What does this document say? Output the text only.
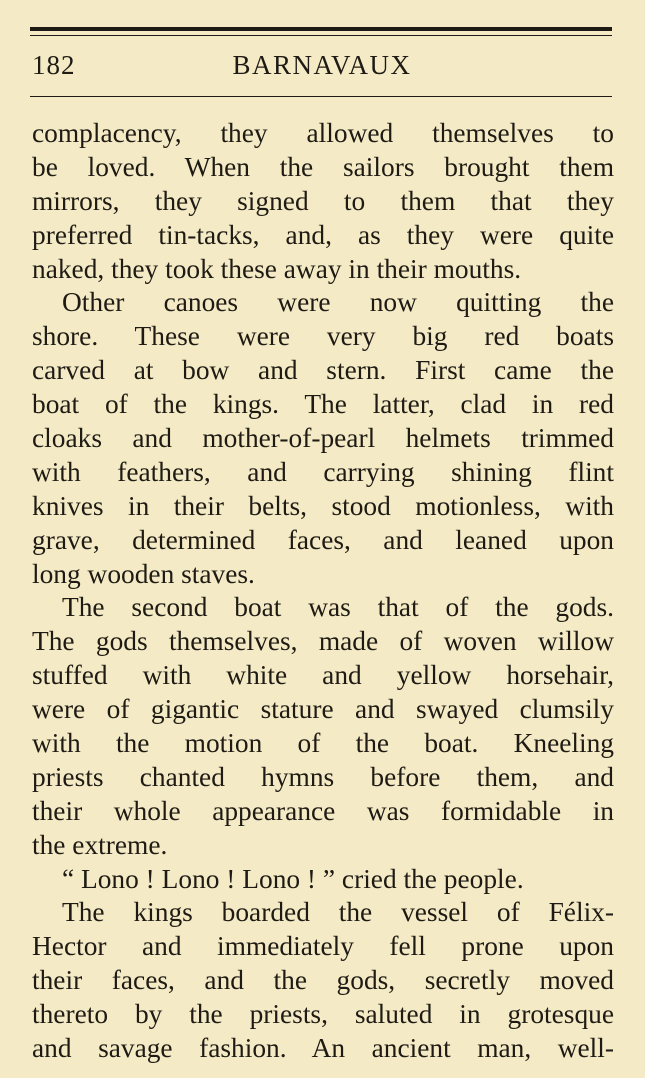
182	BARNAVAUX
complacency, they allowed themselves to
be loved. When the sailors brought them
mirrors, they signed to them that they
preferred tin-tacks, and, as they were quite
naked, they took these away in their mouths.
Other canoes were now quitting the
shore. These were very big red boats
carved at bow and stern. First came the
boat of the kings. The latter, clad in red
cloaks and mother-of-pearl helmets trimmed
with feathers, and carrying shining flint
knives in their belts, stood motionless, with
grave, determined faces, and leaned upon
long wooden staves.
The second boat was that of the gods.
The gods themselves, made of woven willow
stuffed with white and yellow horsehair,
were of gigantic stature and swayed clumsily
with the motion of the boat. Kneeling
priests chanted hymns before them, and
their whole appearance was formidable in
the extreme.
“ Lono ! Lono ! Lono ! ” cried the people.
The kings boarded the vessel of Félix-
Hector and immediately fell prone upon
their faces, and the gods, secretly moved
thereto by the priests, saluted in grotesque
and savage fashion. An ancient man, well-
